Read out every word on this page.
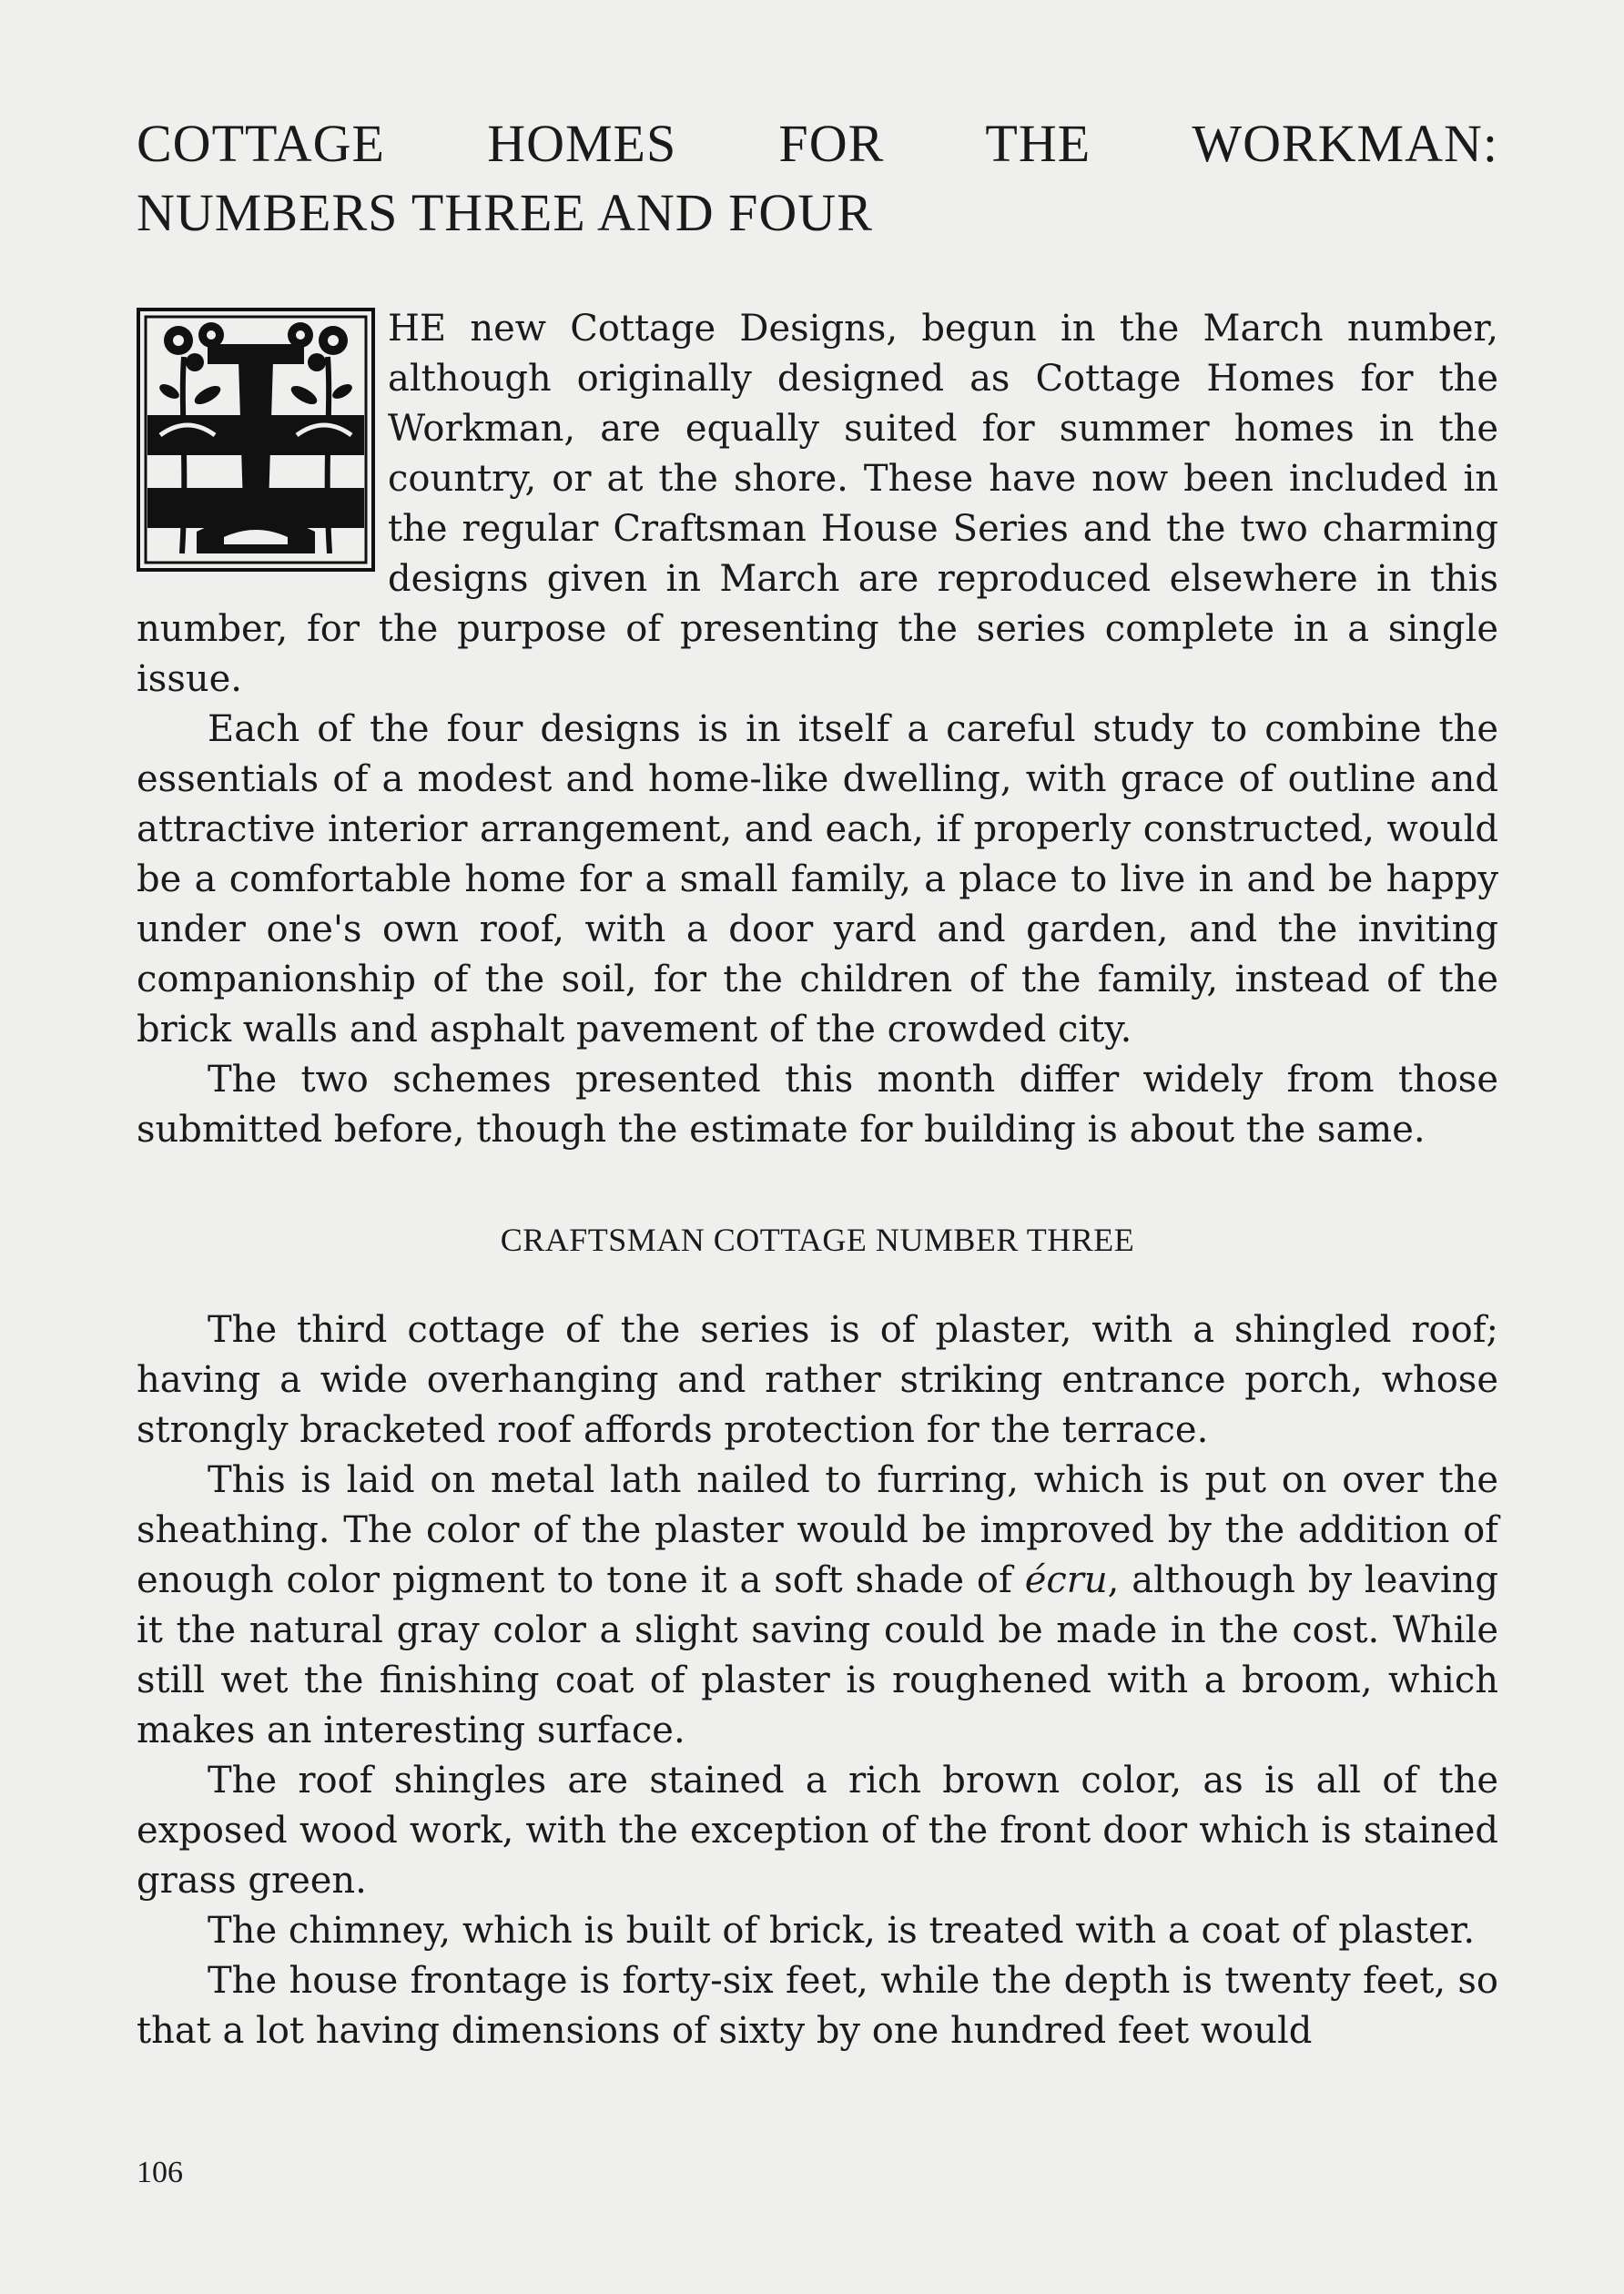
COTTAGE HOMES FOR THE WORKMAN:
NUMBERS THREE AND FOUR

HE new Cottage Designs, begun in the March number, although originally designed as Cottage Homes for the Workman, are equally suited for summer homes in the country, or at the shore. These have now been included in the regular Craftsman House Series and the two charming designs given in March are reproduced elsewhere in this number, for the purpose of presenting the series complete in a single issue.

Each of the four designs is in itself a careful study to combine the essentials of a modest and home-like dwelling, with grace of outline and attractive interior arrangement, and each, if properly constructed, would be a comfortable home for a small family, a place to live in and be happy under one's own roof, with a door yard and garden, and the inviting companionship of the soil, for the children of the family, instead of the brick walls and asphalt pavement of the crowded city.

The two schemes presented this month differ widely from those submitted before, though the estimate for building is about the same.

CRAFTSMAN COTTAGE NUMBER THREE

The third cottage of the series is of plaster, with a shingled roof; having a wide overhanging and rather striking entrance porch, whose strongly bracketed roof affords protection for the terrace.

This is laid on metal lath nailed to furring, which is put on over the sheathing. The color of the plaster would be improved by the addition of enough color pigment to tone it a soft shade of écru, although by leaving it the natural gray color a slight saving could be made in the cost. While still wet the finishing coat of plaster is roughened with a broom, which makes an interesting surface.

The roof shingles are stained a rich brown color, as is all of the exposed wood work, with the exception of the front door which is stained grass green.

The chimney, which is built of brick, is treated with a coat of plaster.

The house frontage is forty-six feet, while the depth is twenty feet, so that a lot having dimensions of sixty by one hundred feet would

106
